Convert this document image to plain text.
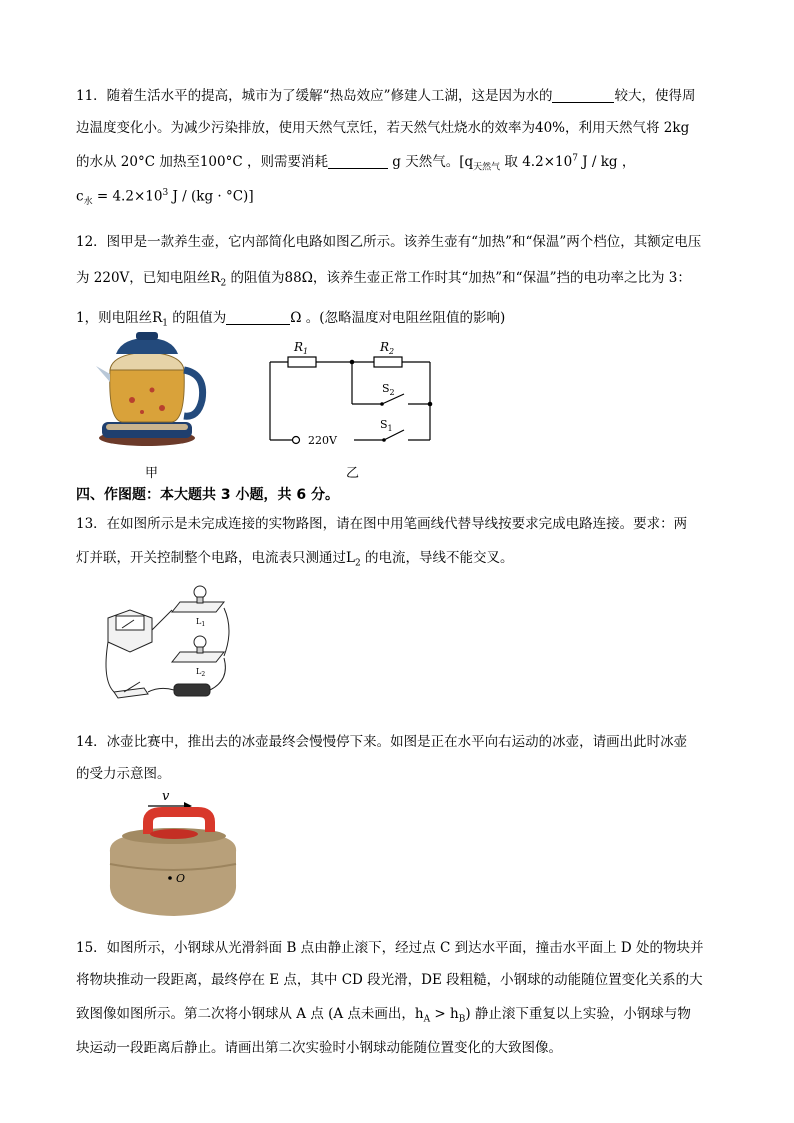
11．随着生活水平的提高，城市为了缓解“热岛效应”修建人工湖，这是因为水的	较大，使得周
边温度变化小。为减少污染排放，使用天然气烹饪，若天然气灶烧水的效率为40%，利用天然气将 2kg
的水从 20°C 加热至100°C ，则需要消耗	g 天然气。[$q_{天然气}$ 取 $4.2\times 10^7$ J / kg ，
$c_水 = 4.2\times 10^3$ J / (kg · °C)]
12．图甲是一款养生壶，它内部简化电路如图乙所示。该养生壶有“加热”和“保温”两个档位，其额定电压
为 220V，已知电阻丝$R_2$ 的阻值为88Ω，该养生壶正常工作时其“加热”和“保温”挡的电功率之比为 3：
1，则电阻丝$R_1$ 的阻值为	Ω 。(忽略温度对电阻丝阻值的影响)
甲
$R_1$	$R_2$
$S_2$
$S_1$
220V
乙
四、作图题：本大题共 3 小题，共 6 分。
13．在如图所示是未完成连接的实物路图，请在图中用笔画线代替导线按要求完成电路连接。要求：两
灯并联，开关控制整个电路，电流表只测通过$L_2$ 的电流，导线不能交叉。
$L_1$
$L_2$
14．冰壶比赛中，推出去的冰壶最终会慢慢停下来。如图是正在水平向右运动的冰壶，请画出此时冰壶
的受力示意图。
v
O
15．如图所示，小钢球从光滑斜面 B 点由静止滚下，经过点 C 到达水平面，撞击水平面上 D 处的物块并
将物块推动一段距离，最终停在 E 点，其中 CD 段光滑，DE 段粗糙，小钢球的动能随位置变化关系的大
致图像如图所示。第二次将小钢球从 A 点 (A 点未画出，$h_A > h_B$) 静止滚下重复以上实验，小钢球与物
块运动一段距离后静止。请画出第二次实验时小钢球动能随位置变化的大致图像。
